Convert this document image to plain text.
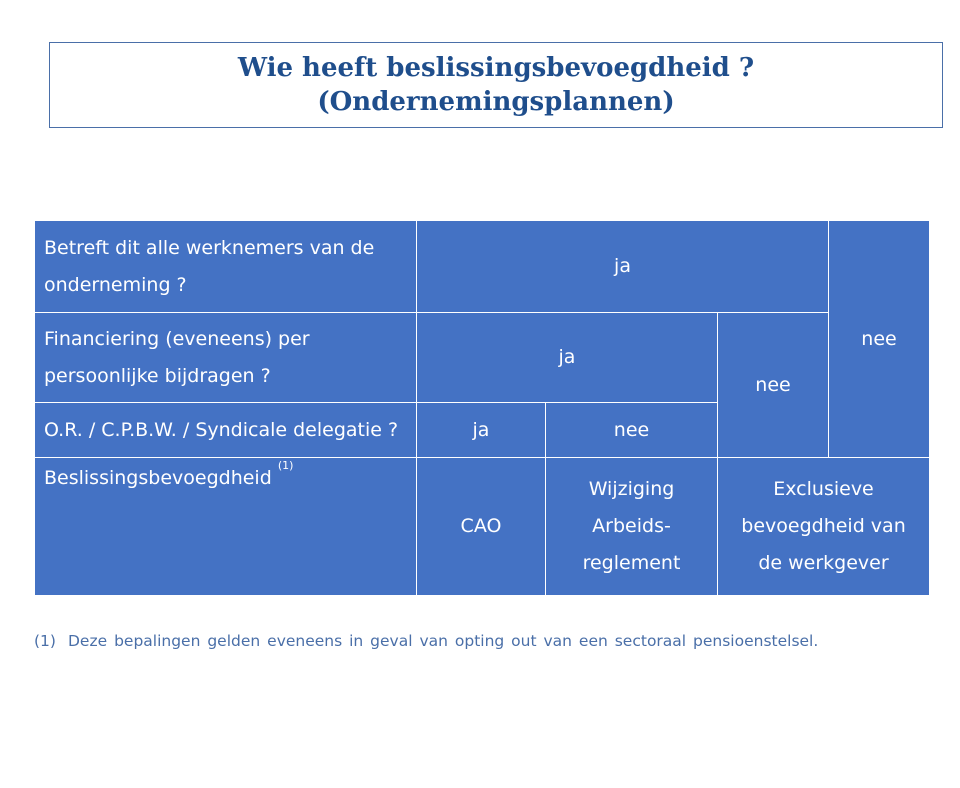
Wie heeft beslissingsbevoegdheid ?
(Ondernemingsplannen)
Betreft dit alle werknemers van de onderneming ?	ja			nee
Financiering (eveneens) per persoonlijke bijdragen ?	ja		nee	
O.R. / C.P.B.W. / Syndicale delegatie ?	ja	nee		
Beslissingsbevoegdheid $^{(1)}$	CAO	Wijziging Arbeids- reglement	Exclusieve bevoegdheid van de werkgever	
(1) Deze bepalingen gelden eveneens in geval van opting out van een sectoraal pensioenstelsel.
